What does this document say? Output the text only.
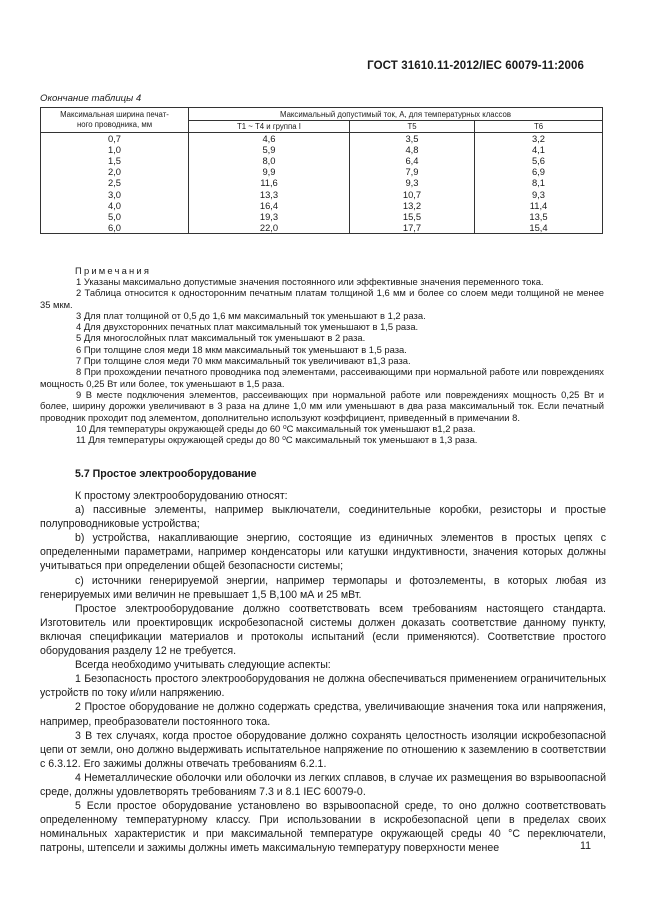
ГОСТ 31610.11-2012/IEC 60079-11:2006
Окончание таблицы 4
Максимальная ширина печат-
ного проводника, мм	Максимальный допустимый ток, А, для температурных классов		
	Т1 ~ Т4 и группа I	Т5	Т6
0,7	4,6	3,5	3,2
1,0	5,9	4,8	4,1
1,5	8,0	6,4	5,6
2,0	9,9	7,9	6,9
2,5	11,6	9,3	8,1
3,0	13,3	10,7	9,3
4,0	16,4	13,2	11,4
5,0	19,3	15,5	13,5
6,0	22,0	17,7	15,4
Примечания

1 Указаны максимально допустимые значения постоянного или эффективные значения переменного тока.

2 Таблица относится к односторонним печатным платам толщиной 1,6 мм и более со слоем меди толщиной не менее 35 мкм.

3 Для плат толщиной от 0,5 до 1,6 мм максимальный ток уменьшают в 1,2 раза.

4 Для двухсторонних печатных плат максимальный ток уменьшают в 1,5 раза.

5 Для многослойных плат максимальный ток уменьшают в 2 раза.

6 При толщине слоя меди 18 мкм максимальный ток уменьшают в 1,5 раза.

7 При толщине слоя меди 70 мкм максимальный ток увеличивают в1,3 раза.

8 При прохождении печатного проводника под элементами, рассеивающими при нормальной работе или повреждениях мощность 0,25 Вт или более, ток уменьшают в 1,5 раза.

9 В месте подключения элементов, рассеивающих при нормальной работе или повреждениях мощность 0,25 Вт и более, ширину дорожки увеличивают в 3 раза на длине 1,0 мм или уменьшают в два раза максимальный ток. Если печатный проводник проходит под элементом, дополнительно используют коэффициент, приведенный в примечании 8.

10 Для температуры окружающей среды до 60 ⁰С максимальный ток уменьшают в1,2 раза.

11 Для температуры окружающей среды до 80 ⁰С максимальный ток уменьшают в 1,3 раза.

5.7 Простое электрооборудование

К простому электрооборудованию относят:

a) пассивные элементы, например выключатели, соединительные коробки, резисторы и простые полупроводниковые устройства;

b) устройства, накапливающие энергию, состоящие из единичных элементов в простых цепях с определенными параметрами, например конденсаторы или катушки индуктивности, значения которых должны учитываться при определении общей безопасности системы;

c) источники генерируемой энергии, например термопары и фотоэлементы, в которых любая из генерируемых ими величин не превышает 1,5 В,100 мА и 25 мВт.

Простое электрооборудование должно соответствовать всем требованиям настоящего стандарта. Изготовитель или проектировщик искробезопасной системы должен доказать соответствие данному пункту, включая спецификации материалов и протоколы испытаний (если применяются). Соответствие простого оборудования разделу 12 не требуется.

Всегда необходимо учитывать следующие аспекты:

1 Безопасность простого электрооборудования не должна обеспечиваться применением ограничительных устройств по току и/или напряжению.

2 Простое оборудование не должно содержать средства, увеличивающие значения тока или напряжения, например, преобразователи постоянного тока.

3 В тех случаях, когда простое оборудование должно сохранять целостность изоляции искробезопасной цепи от земли, оно должно выдерживать испытательное напряжение по отношению к заземлению в соответствии с 6.3.12. Его зажимы должны отвечать требованиям 6.2.1.

4 Неметаллические оболочки или оболочки из легких сплавов, в случае их размещения во взрывоопасной среде, должны удовлетворять требованиям 7.3 и 8.1 IEC 60079-0.

5 Если простое оборудование установлено во взрывоопасной среде, то оно должно соответствовать определенному температурному классу. При использовании в искробезопасной цепи в пределах своих номинальных характеристик и при максимальной температуре окружающей среды 40 °С переключатели, патроны, штепсели и зажимы должны иметь максимальную температуру поверхности менее	11
